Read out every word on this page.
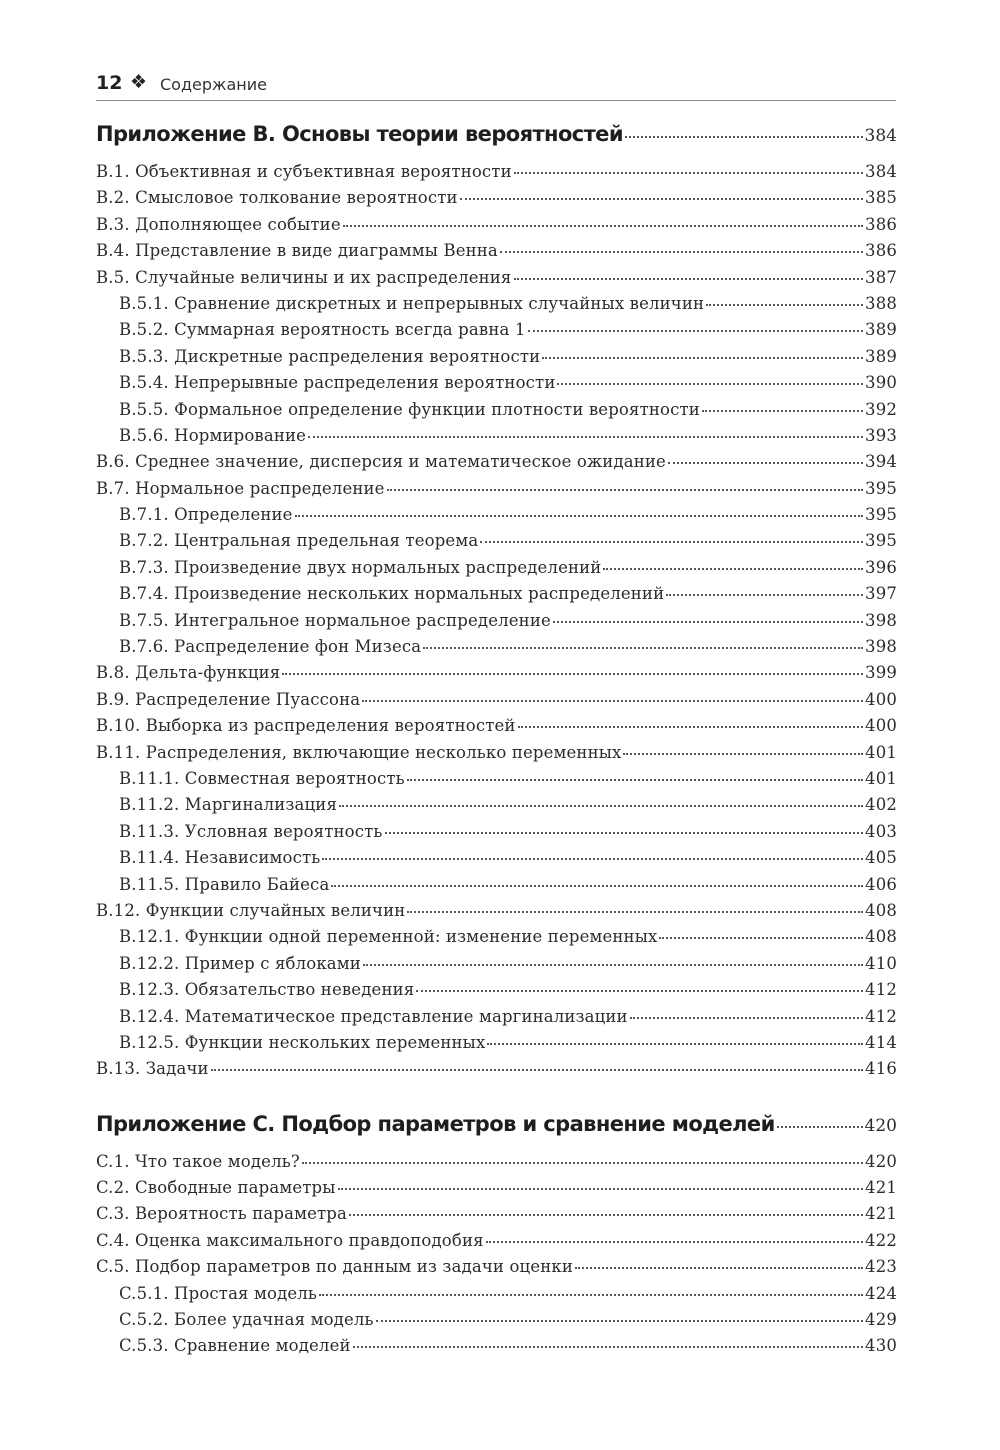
12 ❖ Содержание
Приложение B. Основы теории вероятностей	384
B.1. Объективная и субъективная вероятности	384
B.2. Смысловое толкование вероятности	385
B.3. Дополняющее событие	386
B.4. Представление в виде диаграммы Венна	386
B.5. Случайные величины и их распределения	387
B.5.1. Сравнение дискретных и непрерывных случайных величин	388
B.5.2. Суммарная вероятность всегда равна 1	389
B.5.3. Дискретные распределения вероятности	389
B.5.4. Непрерывные распределения вероятности	390
B.5.5. Формальное определение функции плотности вероятности	392
B.5.6. Нормирование	393
B.6. Среднее значение, дисперсия и математическое ожидание	394
B.7. Нормальное распределение	395
B.7.1. Определение	395
B.7.2. Центральная предельная теорема	395
B.7.3. Произведение двух нормальных распределений	396
B.7.4. Произведение нескольких нормальных распределений	397
B.7.5. Интегральное нормальное распределение	398
B.7.6. Распределение фон Мизеса	398
B.8. Дельта-функция	399
B.9. Распределение Пуассона	400
B.10. Выборка из распределения вероятностей	400
B.11. Распределения, включающие несколько переменных	401
B.11.1. Совместная вероятность	401
B.11.2. Маргинализация	402
B.11.3. Условная вероятность	403
B.11.4. Независимость	405
B.11.5. Правило Байеса	406
B.12. Функции случайных величин	408
B.12.1. Функции одной переменной: изменение переменных	408
B.12.2. Пример с яблоками	410
B.12.3. Обязательство неведения	412
B.12.4. Математическое представление маргинализации	412
B.12.5. Функции нескольких переменных	414
B.13. Задачи	416
Приложение C. Подбор параметров и сравнение моделей	420
C.1. Что такое модель?	420
C.2. Свободные параметры	421
C.3. Вероятность параметра	421
C.4. Оценка максимального правдоподобия	422
C.5. Подбор параметров по данным из задачи оценки	423
C.5.1. Простая модель	424
C.5.2. Более удачная модель	429
C.5.3. Сравнение моделей	430
